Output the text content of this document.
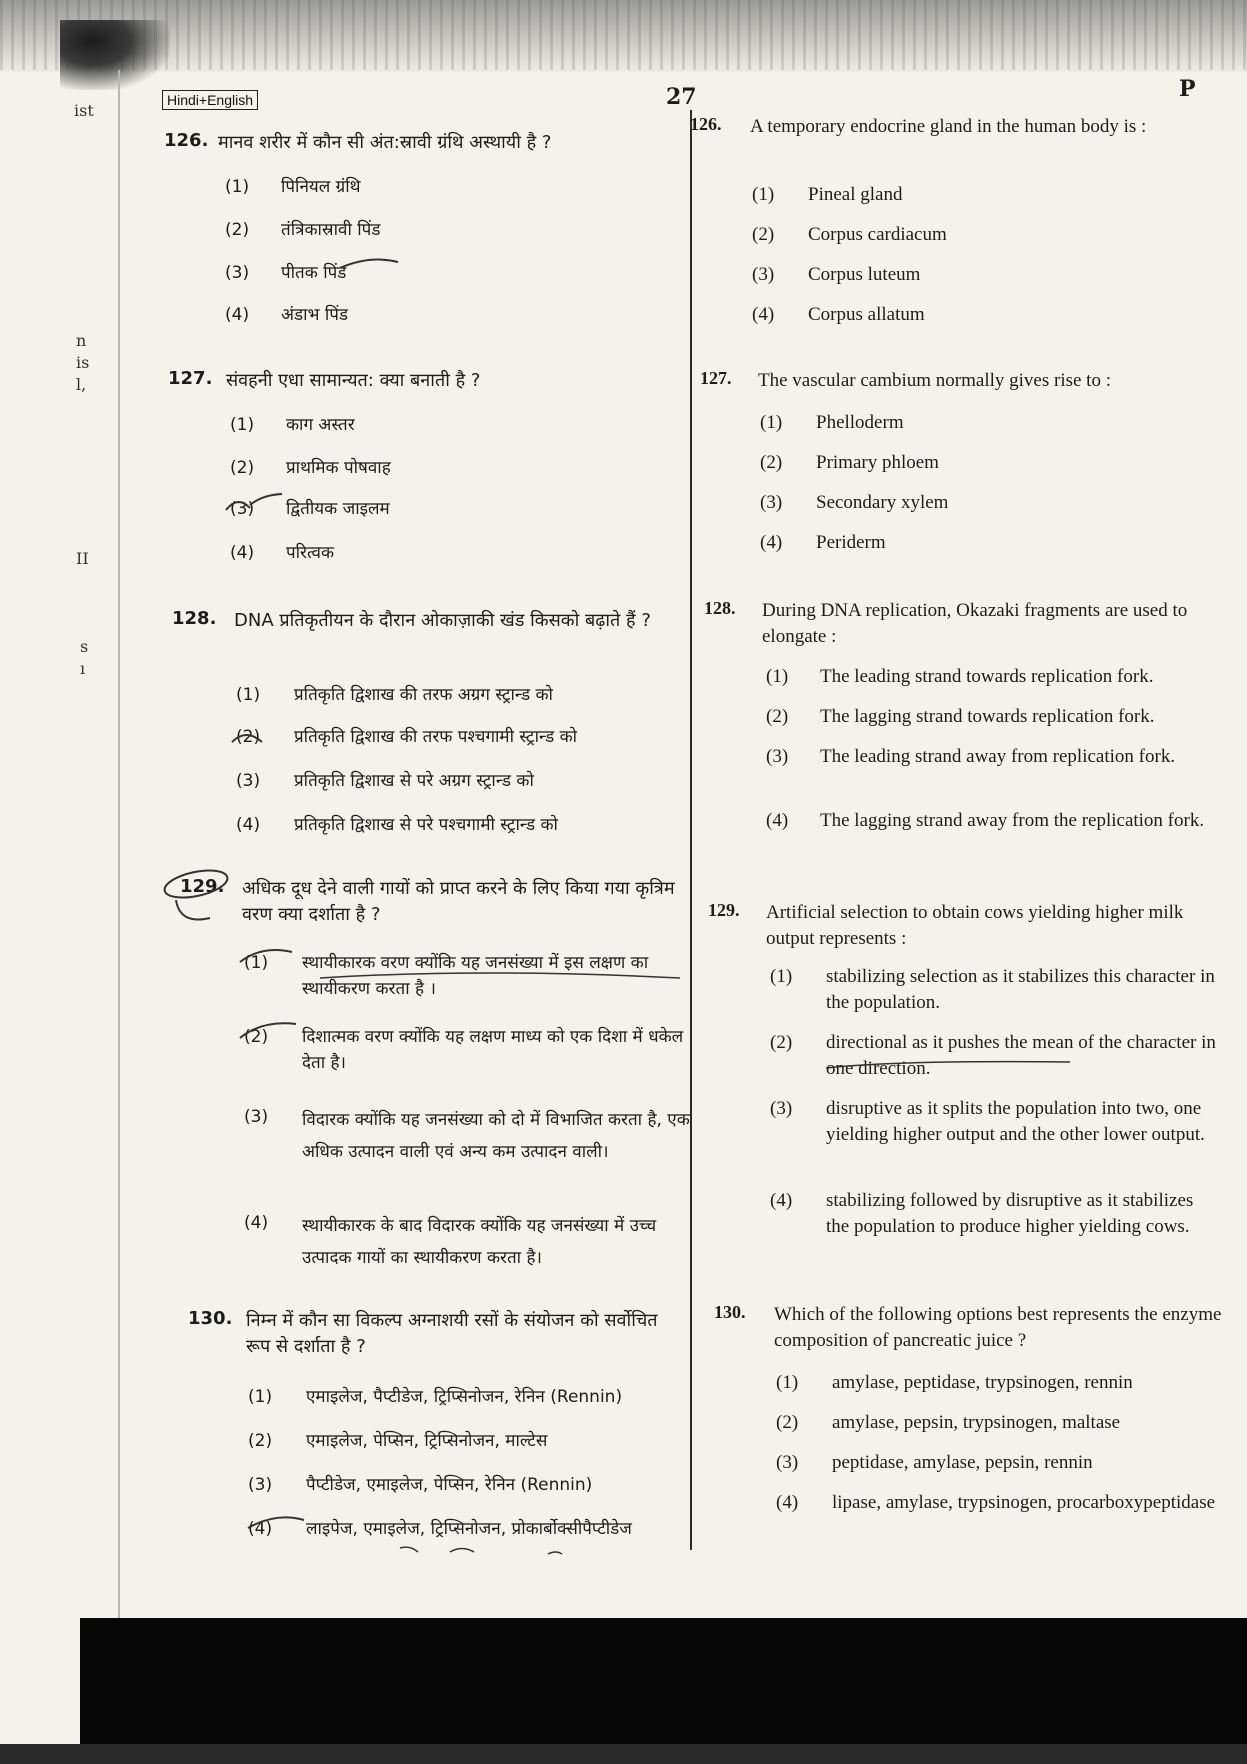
ist
n
is
l,
II
s
ı
Hindi+English	27	P
126. मानव शरीर में कौन सी अंत:स्रावी ग्रंथि अस्थायी है ?
(1) पिनियल ग्रंथि
(2) तंत्रिकास्रावी पिंड
(3) पीतक पिंड
(4) अंडाभ पिंड
127. संवहनी एधा सामान्यत: क्या बनाती है ?
(1) काग अस्तर
(2) प्राथमिक पोषवाह
(3) द्वितीयक जाइलम
(4) परित्वक
128. DNA प्रतिकृतीयन के दौरान ओकाज़ाकी खंड किसको बढ़ाते हैं ?
(1) प्रतिकृति द्विशाख की तरफ अग्रग स्ट्रान्ड को
(2) प्रतिकृति द्विशाख की तरफ पश्चगामी स्ट्रान्ड को
(3) प्रतिकृति द्विशाख से परे अग्रग स्ट्रान्ड को
(4) प्रतिकृति द्विशाख से परे पश्चगामी स्ट्रान्ड को
129. अधिक दूध देने वाली गायों को प्राप्त करने के लिए किया गया कृत्रिम वरण क्या दर्शाता है ?
(1) स्थायीकारक वरण क्योंकि यह जनसंख्या में इस लक्षण का स्थायीकरण करता है ।
(2) दिशात्मक वरण क्योंकि यह लक्षण माध्य को एक दिशा में धकेल देता है।
(3) विदारक क्योंकि यह जनसंख्या को दो में विभाजित करता है, एक अधिक उत्पादन वाली एवं अन्य कम उत्पादन वाली।
(4) स्थायीकारक के बाद विदारक क्योंकि यह जनसंख्या में उच्च उत्पादक गायों का स्थायीकरण करता है।
130. निम्न में कौन सा विकल्प अग्नाशयी रसों के संयोजन को सर्वोचित रूप से दर्शाता है ?
(1) एमाइलेज, पैप्टीडेज, ट्रिप्सिनोजन, रेनिन (Rennin)
(2) एमाइलेज, पेप्सिन, ट्रिप्सिनोजन, माल्टेस
(3) पैप्टीडेज, एमाइलेज, पेप्सिन, रेनिन (Rennin)
(4) लाइपेज, एमाइलेज, ट्रिप्सिनोजन, प्रोकार्बोक्सीपैप्टीडेज
126. A temporary endocrine gland in the human body is :
(1) Pineal gland
(2) Corpus cardiacum
(3) Corpus luteum
(4) Corpus allatum
127. The vascular cambium normally gives rise to :
(1) Phelloderm
(2) Primary phloem
(3) Secondary xylem
(4) Periderm
128. During DNA replication, Okazaki fragments are used to elongate :
(1) The leading strand towards replication fork.
(2) The lagging strand towards replication fork.
(3) The leading strand away from replication fork.
(4) The lagging strand away from the replication fork.
129. Artificial selection to obtain cows yielding higher milk output represents :
(1) stabilizing selection as it stabilizes this character in the population.
(2) directional as it pushes the mean of the character in one direction.
(3) disruptive as it splits the population into two, one yielding higher output and the other lower output.
(4) stabilizing followed by disruptive as it stabilizes the population to produce higher yielding cows.
130. Which of the following options best represents the enzyme composition of pancreatic juice ?
(1) amylase, peptidase, trypsinogen, rennin
(2) amylase, pepsin, trypsinogen, maltase
(3) peptidase, amylase, pepsin, rennin
(4) lipase, amylase, trypsinogen, procarboxypeptidase
